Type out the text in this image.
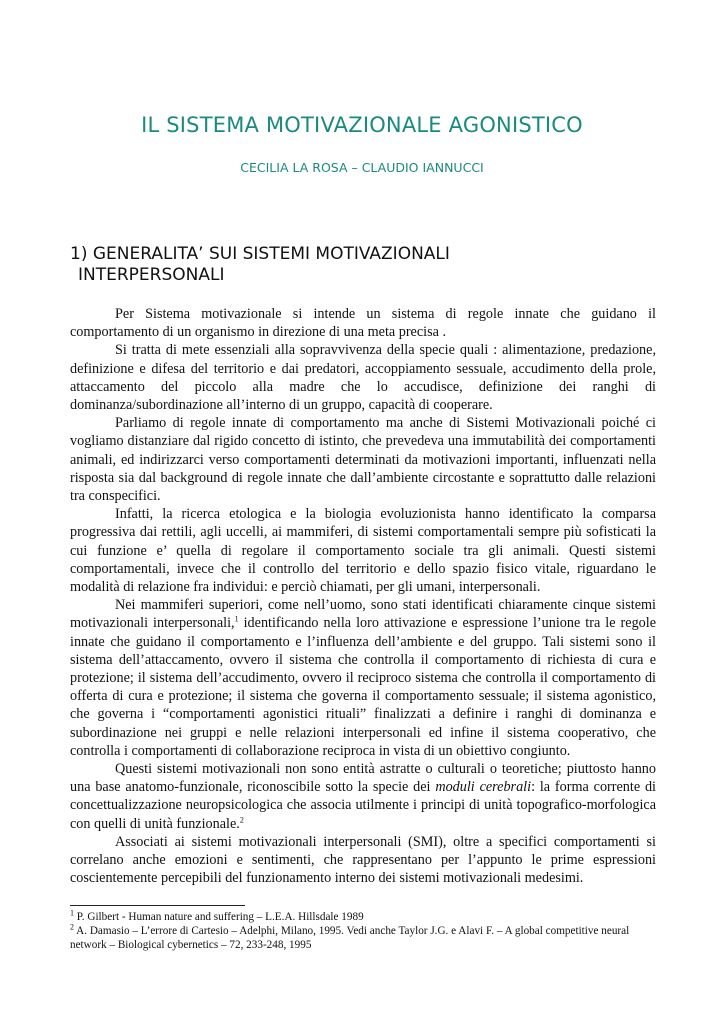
IL SISTEMA MOTIVAZIONALE AGONISTICO
CECILIA LA ROSA – CLAUDIO IANNUCCI
1) GENERALITA’ SUI SISTEMI MOTIVAZIONALI
INTERPERSONALI

Per Sistema motivazionale si intende un sistema di regole innate che guidano il comportamento di un organismo in direzione di una meta precisa .

Si tratta di mete essenziali alla sopravvivenza della specie quali : alimentazione, predazione, definizione e difesa del territorio e dai predatori, accoppiamento sessuale, accudimento della prole, attaccamento del piccolo alla madre che lo accudisce, definizione dei ranghi di dominanza/subordinazione all’interno di un gruppo, capacità di cooperare.

Parliamo di regole innate di comportamento ma anche di Sistemi Motivazionali poiché ci vogliamo distanziare dal rigido concetto di istinto, che prevedeva una immutabilità dei comportamenti animali, ed indirizzarci verso comportamenti determinati da motivazioni importanti, influenzati nella risposta sia dal background di regole innate che dall’ambiente circostante e soprattutto dalle relazioni tra conspecifici.

Infatti, la ricerca etologica e la biologia evoluzionista hanno identificato la comparsa progressiva dai rettili, agli uccelli, ai mammiferi, di sistemi comportamentali sempre più sofisticati la cui funzione e’ quella di regolare il comportamento sociale tra gli animali. Questi sistemi comportamentali, invece che il controllo del territorio e dello spazio fisico vitale, riguardano le modalità di relazione fra individui: e perciò chiamati, per gli umani, interpersonali.

Nei mammiferi superiori, come nell’uomo, sono stati identificati chiaramente cinque sistemi motivazionali interpersonali,$^1$ identificando nella loro attivazione e espressione l’unione tra le regole innate che guidano il comportamento e l’influenza dell’ambiente e del gruppo. Tali sistemi sono il sistema dell’attaccamento, ovvero il sistema che controlla il comportamento di richiesta di cura e protezione; il sistema dell’accudimento, ovvero il reciproco sistema che controlla il comportamento di offerta di cura e protezione; il sistema che governa il comportamento sessuale; il sistema agonistico, che governa i “comportamenti agonistici rituali” finalizzati a definire i ranghi di dominanza e subordinazione nei gruppi e nelle relazioni interpersonali ed infine il sistema cooperativo, che controlla i comportamenti di collaborazione reciproca in vista di un obiettivo congiunto.

Questi sistemi motivazionali non sono entità astratte o culturali o teoretiche; piuttosto hanno una base anatomo-funzionale, riconoscibile sotto la specie dei moduli cerebrali: la forma corrente di concettualizzazione neuropsicologica che associa utilmente i principi di unità topografico-morfologica con quelli di unità funzionale.$^2$

Associati ai sistemi motivazionali interpersonali (SMI), oltre a specifici comportamenti si correlano anche emozioni e sentimenti, che rappresentano per l’appunto le prime espressioni coscientemente percepibili del funzionamento interno dei sistemi motivazionali medesimi.

$^1$ P. Gilbert - Human nature and suffering – L.E.A. Hillsdale 1989
$^2$ A. Damasio – L’errore di Cartesio – Adelphi, Milano, 1995. Vedi anche Taylor J.G. e Alavi F. – A global competitive neural network – Biological cybernetics – 72, 233-248, 1995
